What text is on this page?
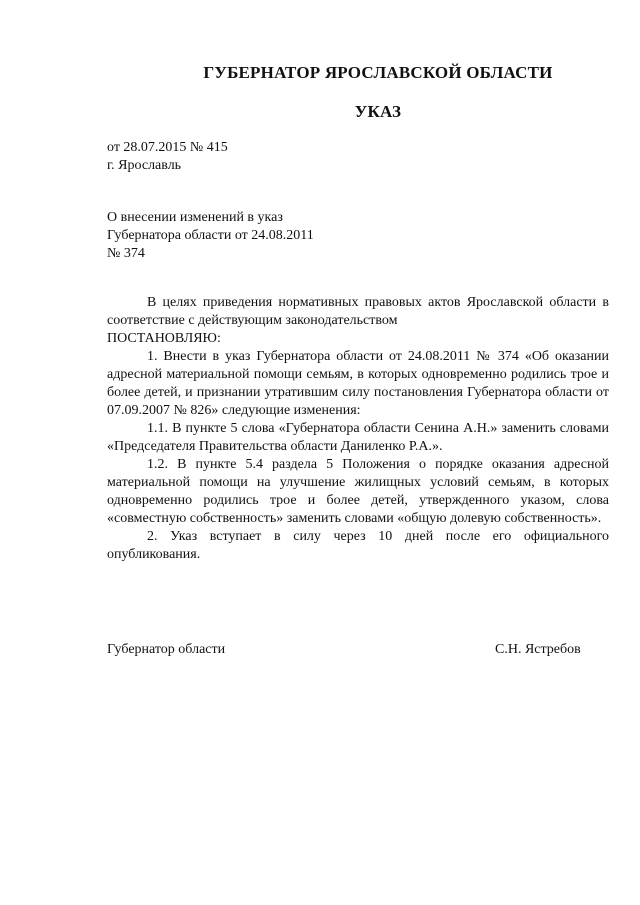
ГУБЕРНАТОР ЯРОСЛАВСКОЙ ОБЛАСТИ
УКАЗ
от 28.07.2015 № 415
г. Ярославль
О внесении изменений в указ
Губернатора области от 24.08.2011
№ 374

В целях приведения нормативных правовых актов Ярославской области в соответствие с действующим законодательством

ПОСТАНОВЛЯЮ:

1. Внести в указ Губернатора области от 24.08.2011 № 374 «Об оказании адресной материальной помощи семьям, в которых одновременно родились трое и более детей, и признании утратившим силу постановления Губернатора области от 07.09.2007 № 826» следующие изменения:

1.1. В пункте 5 слова «Губернатора области Сенина А.Н.» заменить словами «Председателя Правительства области Даниленко Р.А.».

1.2. В пункте 5.4 раздела 5 Положения о порядке оказания адресной материальной помощи на улучшение жилищных условий семьям, в которых одновременно родились трое и более детей, утвержденного указом, слова «совместную собственность» заменить словами «общую долевую собственность».

2. Указ вступает в силу через 10 дней после его официального опубликования.

Губернатор области	С.Н. Ястребов
